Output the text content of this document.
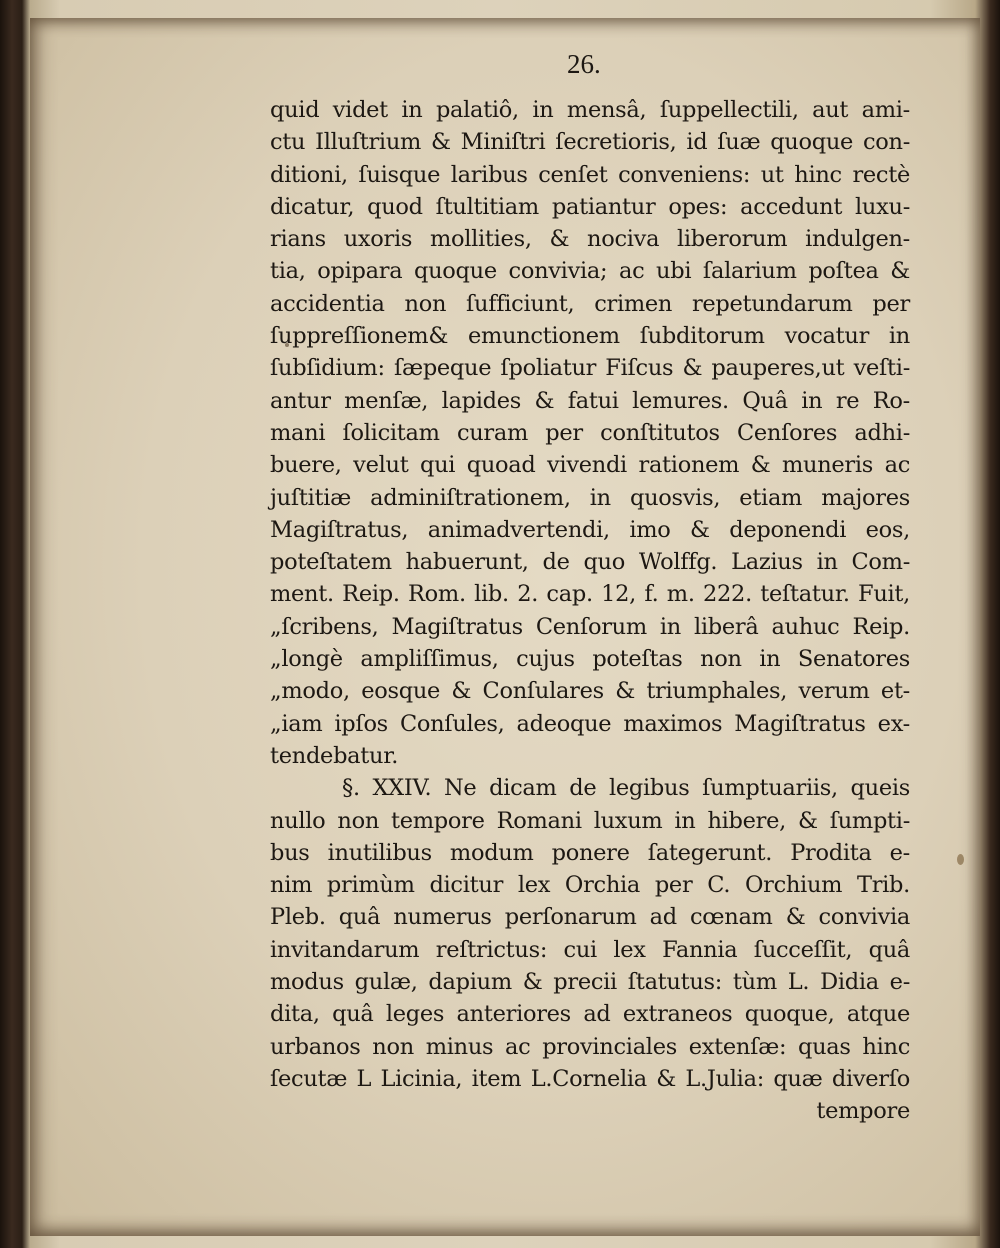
26.
quid videt in palatiô, in mensâ, ſuppellectili, aut ami-
ctu Illuſtrium & Miniſtri ſecretioris, id ſuæ quoque con-
ditioni, ſuisque laribus cenſet conveniens: ut hinc rectè
dicatur, quod ſtultitiam patiantur opes: accedunt luxu-
rians uxoris mollities, & nociva liberorum indulgen-
tia, opipara quoque convivia; ac ubi ſalarium poſtea &
accidentia non ſufficiunt, crimen repetundarum per
ſuppreſſionem& emunctionem ſubditorum vocatur in
ſubſidium: ſæpeque ſpoliatur Fiſcus & pauperes,ut veſti-
antur menſæ, lapides & fatui lemures. Quâ in re Ro-
mani ſolicitam curam per conſtitutos Cenſores adhi-
buere, velut qui quoad vivendi rationem & muneris ac
juſtitiæ adminiſtrationem, in quosvis, etiam majores
Magiſtratus, animadvertendi, imo & deponendi eos,
poteſtatem habuerunt, de quo Wolffg. Lazius in Com-
ment. Reip. Rom. lib. 2. cap. 12, f. m. 222. teſtatur. Fuit,
„ſcribens, Magiſtratus Cenſorum in liberâ auhuc Reip.
„longè ampliſſimus, cujus poteſtas non in Senatores
„modo, eosque & Conſulares & triumphales, verum et-
„iam ipſos Conſules, adeoque maximos Magiſtratus ex-
tendebatur.
§. XXIV. Ne dicam de legibus ſumptuariis, queis
nullo non tempore Romani luxum in hibere, & ſumpti-
bus inutilibus modum ponere ſategerunt. Prodita e-
nim primùm dicitur lex Orchia per C. Orchium Trib.
Pleb. quâ numerus perſonarum ad cœnam & convivia
invitandarum reſtrictus: cui lex Fannia ſucceſſit, quâ
modus gulæ, dapium & precii ſtatutus: tùm L. Didia e-
dita, quâ leges anteriores ad extraneos quoque, atque
urbanos non minus ac provinciales extenſæ: quas hinc
ſecutæ L Licinia, item L.Cornelia & L.Julia: quæ diverſo
tempore
